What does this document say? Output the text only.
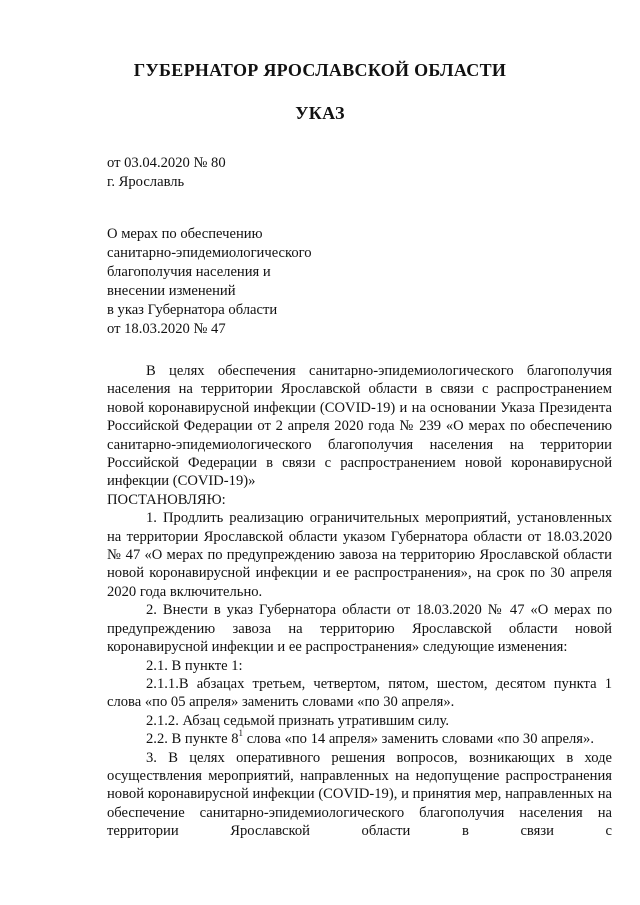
ГУБЕРНАТОР ЯРОСЛАВСКОЙ ОБЛАСТИ
УКАЗ
от 03.04.2020 № 80
г. Ярославль
О мерах по обеспечению
санитарно-эпидемиологического
благополучия населения и
внесении изменений
в указ Губернатора области
от 18.03.2020 № 47
В целях обеспечения санитарно-эпидемиологического благополучия населения на территории Ярославской области в связи с распространением новой коронавирусной инфекции (COVID-19) и на основании Указа Президента Российской Федерации от 2 апреля 2020 года № 239 «О мерах по обеспечению санитарно-эпидемиологического благополучия населения на территории Российской Федерации в связи с распространением новой коронавирусной инфекции (COVID-19)»
ПОСТАНОВЛЯЮ:
1. Продлить реализацию ограничительных мероприятий, установленных на территории Ярославской области указом Губернатора области от 18.03.2020 № 47 «О мерах по предупреждению завоза на территорию Ярославской области новой коронавирусной инфекции и ее распространения», на срок по 30 апреля 2020 года включительно.
2. Внести в указ Губернатора области от 18.03.2020 № 47 «О мерах по предупреждению завоза на территорию Ярославской области новой коронавирусной инфекции и ее распространения» следующие изменения:
2.1. В пункте 1:
2.1.1.В абзацах третьем, четвертом, пятом, шестом, десятом пункта 1 слова «по 05 апреля» заменить словами «по 30 апреля».
2.1.2. Абзац седьмой признать утратившим силу.
2.2. В пункте $8^1$ слова «по 14 апреля» заменить словами «по 30 апреля».
3. В целях оперативного решения вопросов, возникающих в ходе осуществления мероприятий, направленных на недопущение распространения новой коронавирусной инфекции (COVID-19), и принятия мер, направленных на обеспечение санитарно-эпидемиологического благополучия населения на территории Ярославской области в связи с
